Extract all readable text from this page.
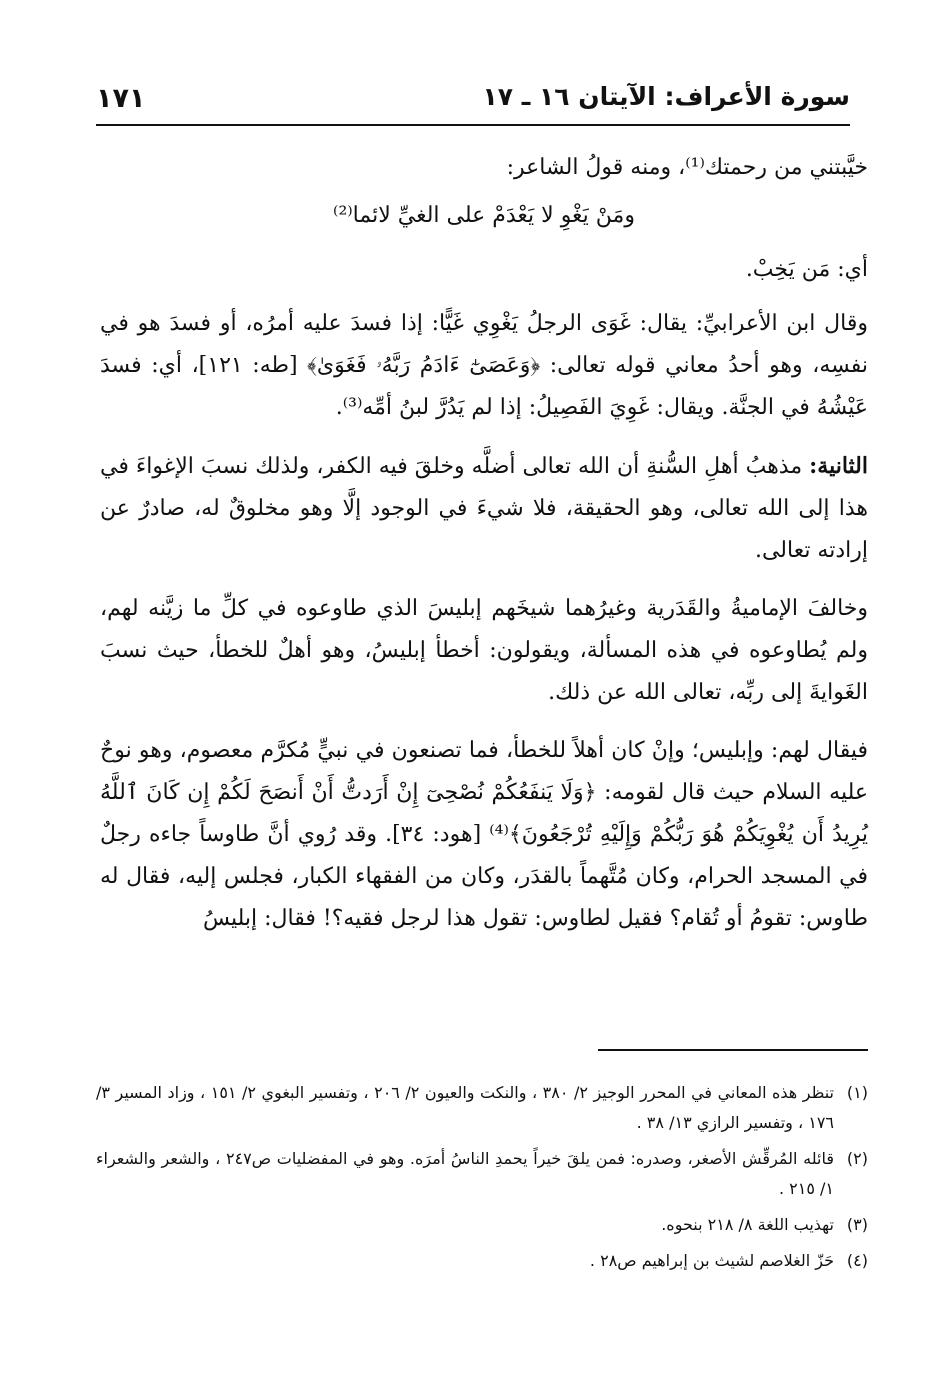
سورة الأعراف: الآيتان ١٦ ـ ١٧
١٧١

خيَّبتني من رحمتك⁽¹⁾، ومنه قولُ الشاعر:

ومَنْ يَغْوِ لا يَعْدَمْ على الغيِّ لائما⁽²⁾

أي: مَن يَخِبْ.

وقال ابن الأعرابيِّ: يقال: غَوَى الرجلُ يَغْوِي غَيًّا: إذا فسدَ عليه أمرُه، أو فسدَ هو في نفسِه، وهو أحدُ معاني قوله تعالى: ﴿وَعَصَىٰٓ ءَادَمُ رَبَّهُۥ فَغَوَىٰ﴾ [طه: ١٢١]، أي: فسدَ عَيْشُهُ في الجنَّة. ويقال: غَوِيَ الفَصِيلُ: إذا لم يَدُرَّ لبنُ أمِّه⁽³⁾.

الثانية: مذهبُ أهلِ السُّنةِ أن الله تعالى أضلَّه وخلقَ فيه الكفر، ولذلك نسبَ الإغواءَ في هذا إلى الله تعالى، وهو الحقيقة، فلا شيءَ في الوجود إلَّا وهو مخلوقٌ له، صادرٌ عن إرادته تعالى.

وخالفَ الإماميةُ والقَدَرية وغيرُهما شيخَهم إبليسَ الذي طاوعوه في كلِّ ما زيَّنه لهم، ولم يُطاوعوه في هذه المسألة، ويقولون: أخطأ إبليسُ، وهو أهلٌ للخطأ، حيث نسبَ الغَوايةَ إلى ربِّه، تعالى الله عن ذلك.

فيقال لهم: وإبليس؛ وإنْ كان أهلاً للخطأ، فما تصنعون في نبيٍّ مُكرَّم معصوم، وهو نوحٌ عليه السلام حيث قال لقومه: ﴿وَلَا يَنفَعُكُمْ نُصْحِىٓ إِنْ أَرَدتُّ أَنْ أَنصَحَ لَكُمْ إِن كَانَ ٱللَّهُ يُرِيدُ أَن يُغْوِيَكُمْ هُوَ رَبُّكُمْ وَإِلَيْهِ تُرْجَعُونَ﴾⁽⁴⁾ [هود: ٣٤]. وقد رُوي أنَّ طاوساً جاءه رجلٌ في المسجد الحرام، وكان مُتَّهماً بالقدَر، وكان من الفقهاء الكبار، فجلس إليه، فقال له طاوس: تقومُ أو تُقام؟ فقيل لطاوس: تقول هذا لرجل فقيه؟! فقال: إبليسُ

(١)
تنظر هذه المعاني في المحرر الوجيز ٢/ ٣٨٠ ، والنكت والعيون ٢/ ٢٠٦ ، وتفسير البغوي ٢/ ١٥١ ، وزاد المسير ٣/ ١٧٦ ، وتفسير الرازي ١٣/ ٣٨ .
(٢)
قائله المُرقِّش الأصغر، وصدره: فمن يلقَ خيراً يحمدِ الناسُ أمرَه. وهو في المفضليات ص٢٤٧ ، والشعر والشعراء ١/ ٢١٥ .
(٣)
تهذيب اللغة ٨/ ٢١٨ بنحوه.
(٤)
حَزّ الغلاصم لشيث بن إبراهيم ص٢٨ .
